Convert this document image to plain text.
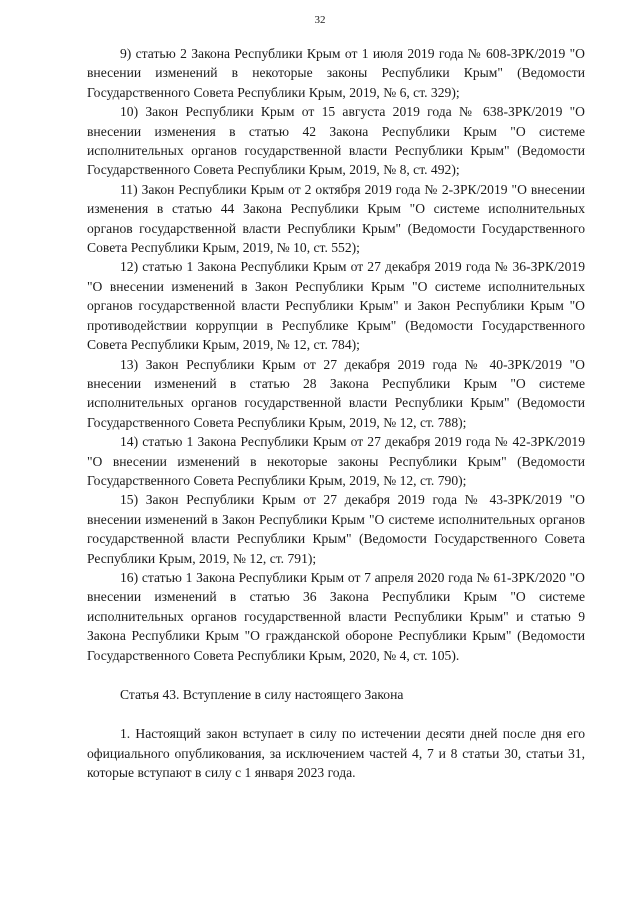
32

9) статью 2 Закона Республики Крым от 1 июля 2019 года № 608-ЗРК/2019 "О внесении изменений в некоторые законы Республики Крым" (Ведомости Государственного Совета Республики Крым, 2019, № 6, ст. 329);

10) Закон Республики Крым от 15 августа 2019 года № 638-ЗРК/2019 "О внесении изменения в статью 42 Закона Республики Крым "О системе исполнительных органов государственной власти Республики Крым" (Ведомости Государственного Совета Республики Крым, 2019, № 8, ст. 492);

11) Закон Республики Крым от 2 октября 2019 года № 2-ЗРК/2019 "О внесении изменения в статью 44 Закона Республики Крым "О системе исполнительных органов государственной власти Республики Крым" (Ведомости Государственного Совета Республики Крым, 2019, № 10, ст. 552);

12) статью 1 Закона Республики Крым от 27 декабря 2019 года № 36-ЗРК/2019 "О внесении изменений в Закон Республики Крым "О системе исполнительных органов государственной власти Республики Крым" и Закон Республики Крым "О противодействии коррупции в Республике Крым" (Ведомости Государственного Совета Республики Крым, 2019, № 12, ст. 784);

13) Закон Республики Крым от 27 декабря 2019 года № 40-ЗРК/2019 "О внесении изменений в статью 28 Закона Республики Крым "О системе исполнительных органов государственной власти Республики Крым" (Ведомости Государственного Совета Республики Крым, 2019, № 12, ст. 788);

14) статью 1 Закона Республики Крым от 27 декабря 2019 года № 42-ЗРК/2019 "О внесении изменений в некоторые законы Республики Крым" (Ведомости Государственного Совета Республики Крым, 2019, № 12, ст. 790);

15) Закон Республики Крым от 27 декабря 2019 года № 43-ЗРК/2019 "О внесении изменений в Закон Республики Крым "О системе исполнительных органов государственной власти Республики Крым" (Ведомости Государственного Совета Республики Крым, 2019, № 12, ст. 791);

16) статью 1 Закона Республики Крым от 7 апреля 2020 года № 61-ЗРК/2020 "О внесении изменений в статью 36 Закона Республики Крым "О системе исполнительных органов государственной власти Республики Крым" и статью 9 Закона Республики Крым "О гражданской обороне Республики Крым" (Ведомости Государственного Совета Республики Крым, 2020, № 4, ст. 105).

Статья 43. Вступление в силу настоящего Закона

1. Настоящий закон вступает в силу по истечении десяти дней после дня его официального опубликования, за исключением частей 4, 7 и 8 статьи 30, статьи 31, которые вступают в силу с 1 января 2023 года.
